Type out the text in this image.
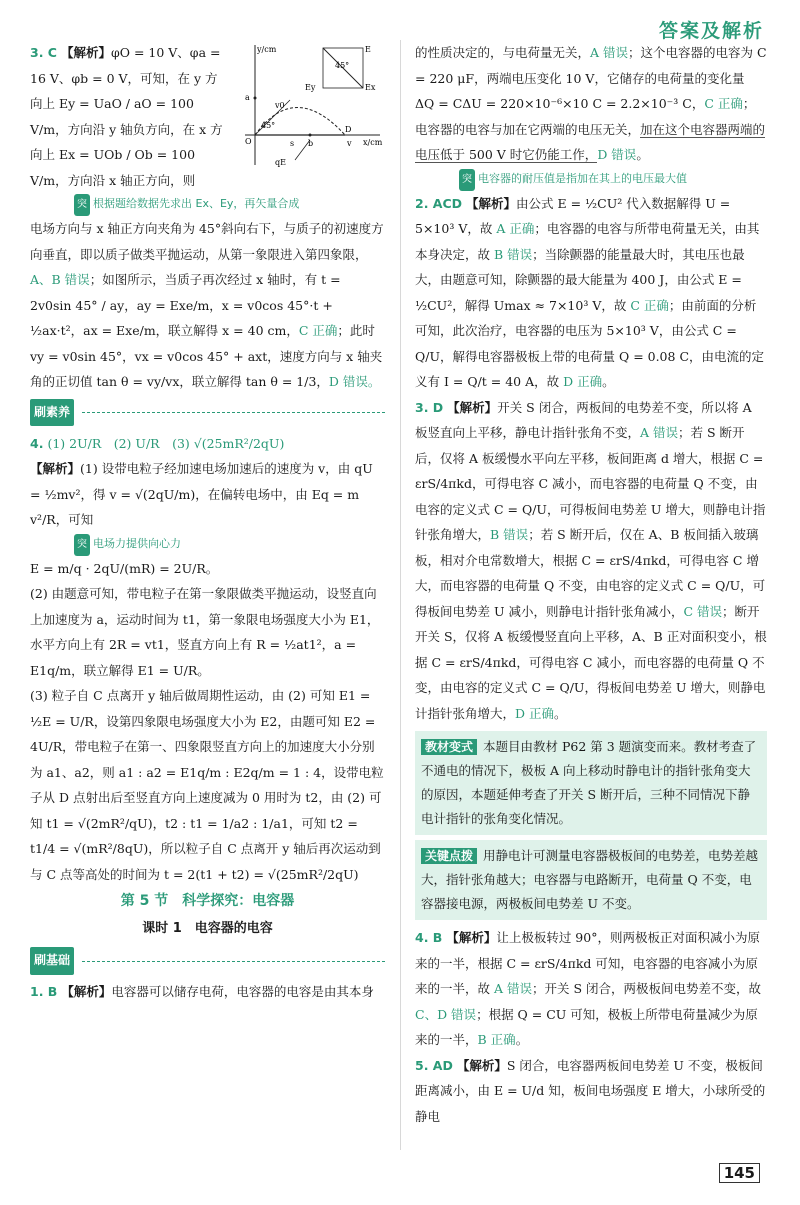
答案及解析
y/cm
x/cm
O
a
b
s
D
E
Ex
Ey
v0
qE
v
45°
45°

3. C 【解析】φO = 10 V、φa = 16 V、φb = 0 V，可知，在 y 方向上 Ey = UaO / aO = 100 V/m，方向沿 y 轴负方向，在 x 方向上 Ex = UOb / Ob = 100 V/m，方向沿 x 轴正方向，则

突 根据题给数据先求出 Ex、Ey，再矢量合成

电场方向与 x 轴正方向夹角为 45°斜向右下，与质子的初速度方向垂直，即以质子做类平抛运动，从第一象限进入第四象限，A、B 错误；如图所示，当质子再次经过 x 轴时，有 t = 2v0sin 45° / ay，ay = Exe/m，x = v0cos 45°·t + ½ax·t²，ax = Exe/m，联立解得 x = 40 cm，C 正确；此时 vy = v0sin 45°，vx = v0cos 45° + axt，速度方向与 x 轴夹角的正切值 tan θ = vy/vx，联立解得 tan θ = 1/3，D 错误。

刷素养

4. (1) 2U/R　(2) U/R　(3) √(25mR²/2qU)

【解析】(1) 设带电粒子经加速电场加速后的速度为 v，由 qU = ½mv²，得 v = √(2qU/m)，在偏转电场中，由 Eq = m v²/R，可知

突 电场力提供向心力

E = m/q · 2qU/(mR) = 2U/R。

(2) 由题意可知，带电粒子在第一象限做类平抛运动，设竖直向上加速度为 a，运动时间为 t1，第一象限电场强度大小为 E1，水平方向上有 2R = vt1，竖直方向上有 R = ½at1²，a = E1q/m，联立解得 E1 = U/R。

(3) 粒子自 C 点离开 y 轴后做周期性运动，由 (2) 可知 E1 = ½E = U/R，设第四象限电场强度大小为 E2，由题可知 E2 = 4U/R，带电粒子在第一、四象限竖直方向上的加速度大小分别为 a1、a2，则 a1 : a2 = E1q/m : E2q/m = 1 : 4，设带电粒子从 D 点射出后至竖直方向上速度减为 0 用时为 t2，由 (2) 可知 t1 = √(2mR²/qU)，t2 : t1 = 1/a2 : 1/a1，可知 t2 = t1/4 = √(mR²/8qU)，所以粒子自 C 点离开 y 轴后再次运动到与 C 点等高处的时间为 t = 2(t1 + t2) = √(25mR²/2qU)

第 5 节　科学探究：电容器
课时 1　电容器的电容
刷基础

1. B 【解析】电容器可以储存电荷，电容器的电容是由其本身

的性质决定的，与电荷量无关，A 错误；这个电容器的电容为 C = 220 μF，两端电压变化 10 V，它储存的电荷量的变化量 ΔQ = CΔU = 220×10⁻⁶×10 C = 2.2×10⁻³ C，C 正确；电容器的电容与加在它两端的电压无关，加在这个电容器两端的电压低于 500 V 时它仍能工作，D 错误。

突 电容器的耐压值是指加在其上的电压最大值

2. ACD 【解析】由公式 E = ½CU² 代入数据解得 U = 5×10³ V，故 A 正确；电容器的电容与所带电荷量无关，由其本身决定，故 B 错误；当除颤器的能量最大时，其电压也最大，由题意可知，除颤器的最大能量为 400 J，由公式 E = ½CU²，解得 Umax ≈ 7×10³ V，故 C 正确；由前面的分析可知，此次治疗，电容器的电压为 5×10³ V，由公式 C = Q/U，解得电容器极板上带的电荷量 Q = 0.08 C，由电流的定义有 I = Q/t = 40 A，故 D 正确。

3. D 【解析】开关 S 闭合，两板间的电势差不变，所以将 A 板竖直向上平移，静电计指针张角不变，A 错误；若 S 断开后，仅将 A 板缓慢水平向左平移，板间距离 d 增大，根据 C = εrS/4πkd，可得电容 C 减小，而电容器的电荷量 Q 不变，由电容的定义式 C = Q/U，可得板间电势差 U 增大，则静电计指针张角增大，B 错误；若 S 断开后，仅在 A、B 板间插入玻璃板，相对介电常数增大，根据 C = εrS/4πkd，可得电容 C 增大，而电容器的电荷量 Q 不变，由电容的定义式 C = Q/U，可得板间电势差 U 减小，则静电计指针张角减小，C 错误；断开开关 S，仅将 A 板缓慢竖直向上平移，A、B 正对面积变小，根据 C = εrS/4πkd，可得电容 C 减小，而电容器的电荷量 Q 不变，由电容的定义式 C = Q/U，得板间电势差 U 增大，则静电计指针张角增大，D 正确。

教材变式 本题目由教材 P62 第 3 题演变而来。教材考查了不通电的情况下，极板 A 向上移动时静电计的指针张角变大的原因，本题延伸考查了开关 S 断开后，三种不同情况下静电计指针的张角变化情况。
关键点拨 用静电计可测量电容器极板间的电势差，电势差越大，指针张角越大；电容器与电路断开，电荷量 Q 不变，电容器接电源，两极板间电势差 U 不变。

4. B 【解析】让上极板转过 90°，则两极板正对面积减小为原来的一半，根据 C = εrS/4πkd 可知，电容器的电容减小为原来的一半，故 A 错误；开关 S 闭合，两极板间电势差不变，故 C、D 错误；根据 Q = CU 可知，极板上所带电荷量减少为原来的一半，B 正确。

5. AD 【解析】S 闭合，电容器两板间电势差 U 不变，极板间距离减小，由 E = U/d 知，板间电场强度 E 增大，小球所受的静电

145
